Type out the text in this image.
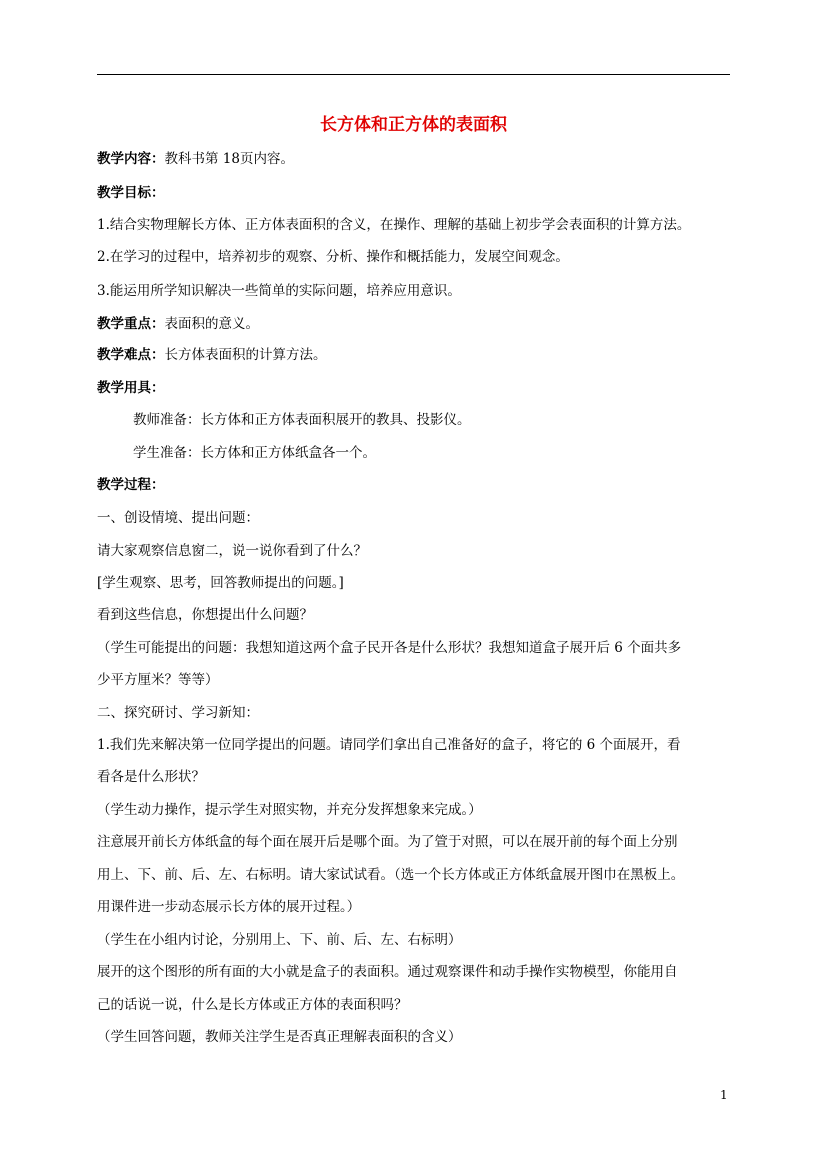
长方体和正方体的表面积
教学内容：教科书第 18页内容。
教学目标：
1.结合实物理解长方体、正方体表面积的含义，在操作、理解的基础上初步学会表面积的计算方法。
2.在学习的过程中，培养初步的观察、分析、操作和概括能力，发展空间观念。
3.能运用所学知识解决一些简单的实际问题，培养应用意识。
教学重点：表面积的意义。
教学难点：长方体表面积的计算方法。
教学用具：
教师准备：长方体和正方体表面积展开的教具、投影仪。
学生准备：长方体和正方体纸盒各一个。
教学过程：
一、创设情境、提出问题：
请大家观察信息窗二，说一说你看到了什么？
[学生观察、思考，回答教师提出的问题。]
看到这些信息，你想提出什么问题？
（学生可能提出的问题：我想知道这两个盒子民开各是什么形状？我想知道盒子展开后 6 个面共多
少平方厘米？等等）
二、探究研讨、学习新知：
1.我们先来解决第一位同学提出的问题。请同学们拿出自己准备好的盒子，将它的 6 个面展开，看
看各是什么形状？
（学生动力操作，提示学生对照实物，并充分发挥想象来完成。）
注意展开前长方体纸盒的每个面在展开后是哪个面。为了箮于对照，可以在展开前的每个面上分别
用上、下、前、后、左、右标明。请大家试试看。（选一个长方体或正方体纸盒展开图巾在黑板上。
用课件进一步动态展示长方体的展开过程。）
（学生在小组内讨论，分别用上、下、前、后、左、右标明）
展开的这个图形的所有面的大小就是盒子的表面积。通过观察课件和动手操作实物模型，你能用自
己的话说一说，什么是长方体或正方体的表面积吗？
（学生回答问题，教师关注学生是否真正理解表面积的含义）
1
